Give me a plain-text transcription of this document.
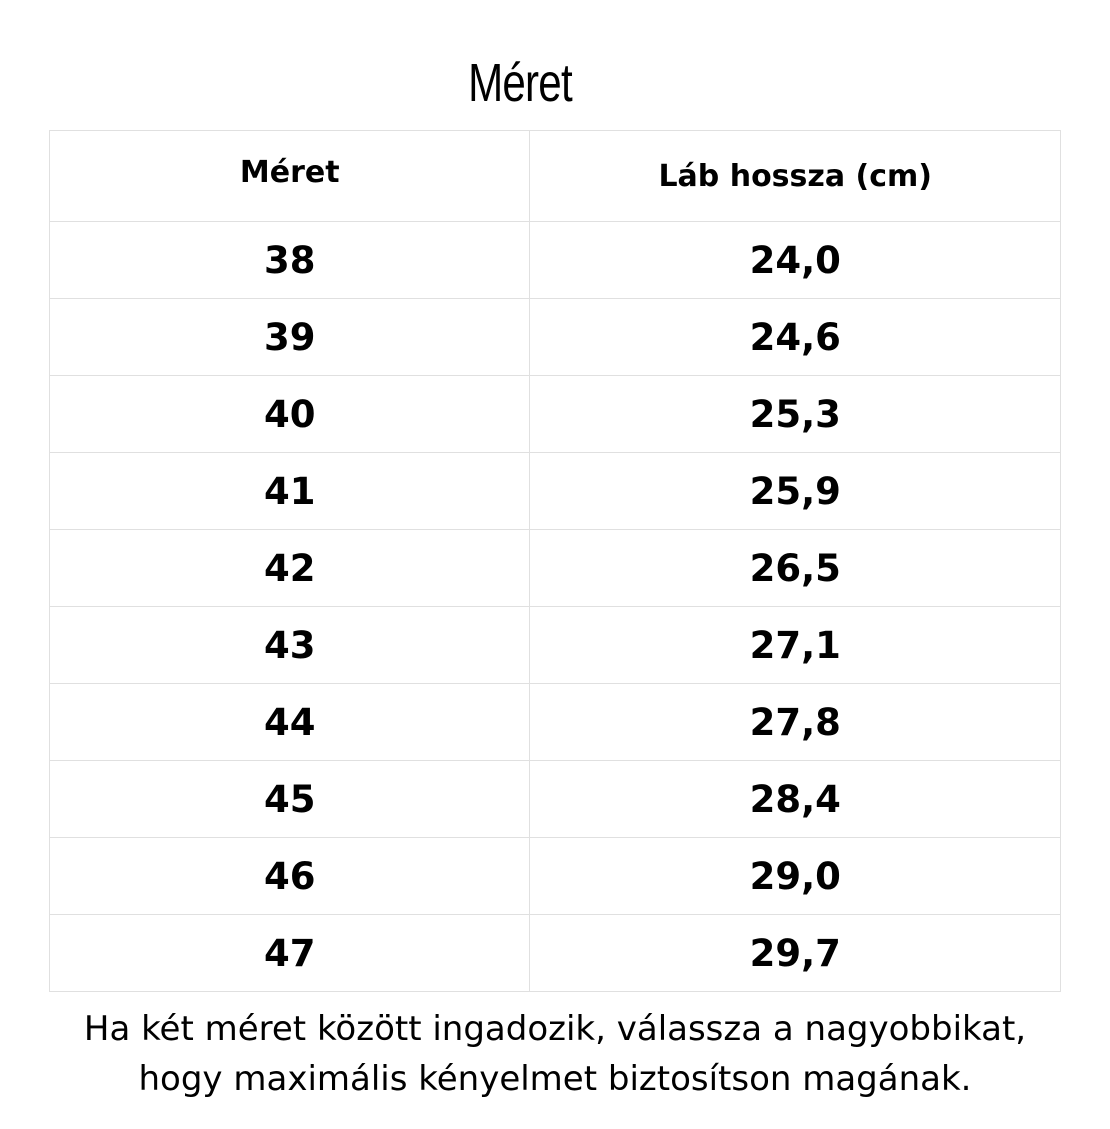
Méret
Méret	Láb hossza (cm)
38	24,0
39	24,6
40	25,3
41	25,9
42	26,5
43	27,1
44	27,8
45	28,4
46	29,0
47	29,7
Ha két méret között ingadozik, válassza a nagyobbikat,
hogy maximális kényelmet biztosítson magának.
